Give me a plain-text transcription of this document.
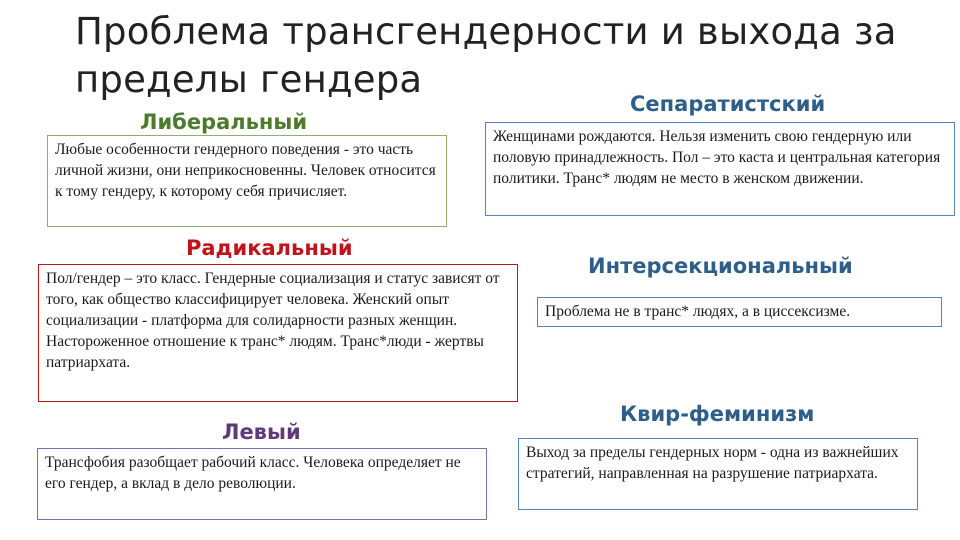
Проблема трансгендерности и выхода за пределы гендера
Либеральный
Любые особенности гендерного поведения - это часть личной жизни, они неприкосновенны. Человек относится к тому гендеру, к которому себя причисляет.
Сепаратистский
Женщинами рождаются. Нельзя изменить свою гендерную или половую принадлежность. Пол – это каста и центральная категория политики. Транс* людям не место в женском движении.
Радикальный
Пол/гендер – это класс. Гендерные социализация и статус зависят от того, как общество классифицирует человека. Женский опыт социализации - платформа для солидарности разных женщин. Настороженное отношение к транс* людям. Транс*люди - жертвы патриархата.
Интерсекциональный
Проблема не в транс* людях, а в циссексизме.
Левый
Трансфобия разобщает рабочий класс. Человека определяет не его гендер, а вклад в дело революции.
Квир-феминизм
Выход за пределы гендерных норм - одна из важнейших стратегий, направленная на разрушение патриархата.
